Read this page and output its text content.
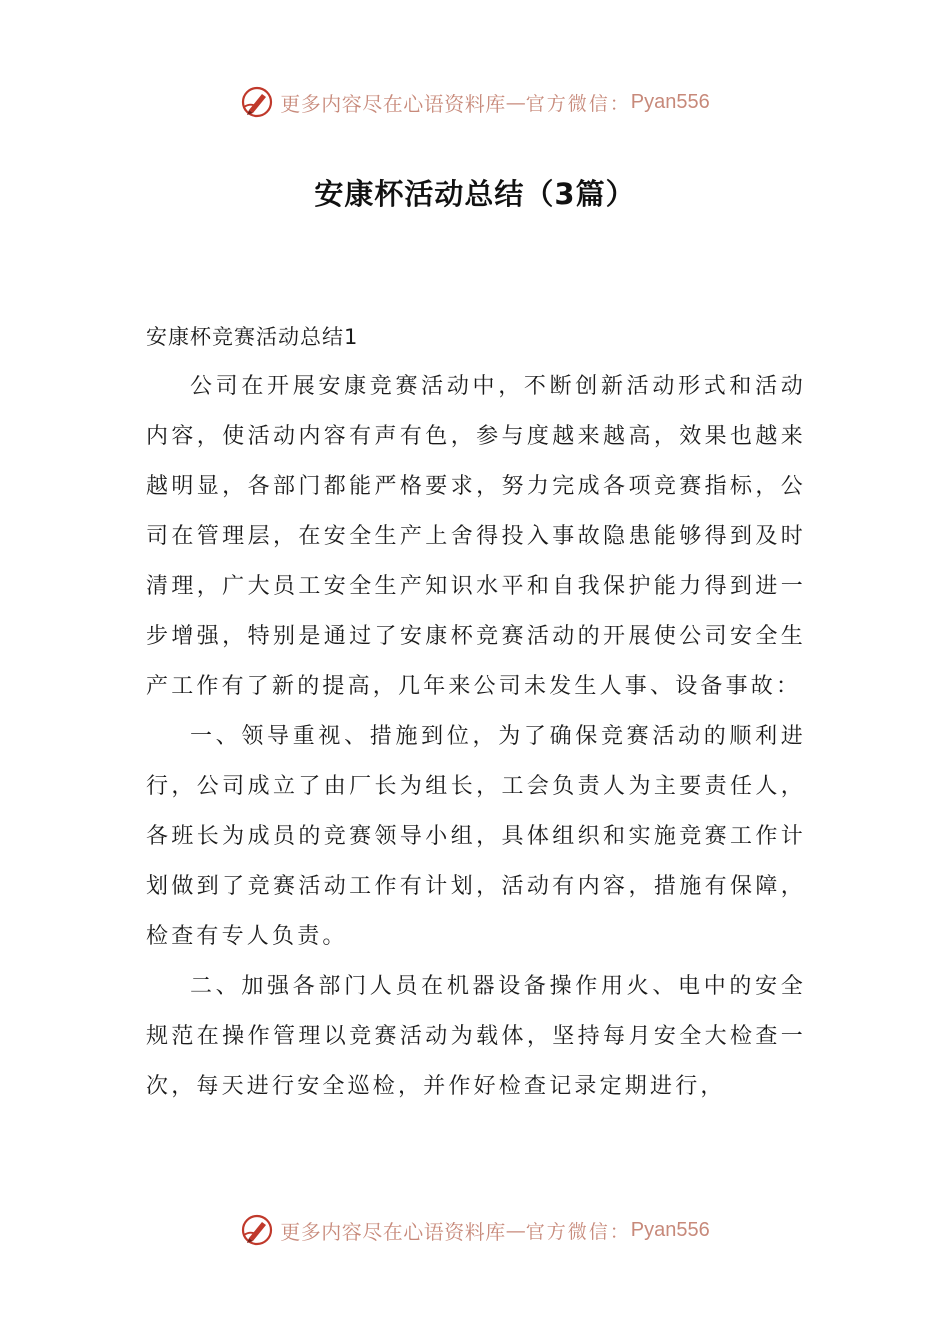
更多内容尽在心语资料库 — 官方微信： Pyan556
安康杯活动总结（3篇）

安康杯竞赛活动总结1

公司在开展安康竞赛活动中，不断创新活动形式和活动内容，使活动内容有声有色，参与度越来越高，效果也越来越明显，各部门都能严格要求，努力完成各项竞赛指标，公司在管理层，在安全生产上舍得投入事故隐患能够得到及时清理，广大员工安全生产知识水平和自我保护能力得到进一步增强，特别是通过了安康杯竞赛活动的开展使公司安全生产工作有了新的提高，几年来公司未发生人事、设备事故：

一、领导重视、措施到位，为了确保竞赛活动的顺利进行，公司成立了由厂长为组长，工会负责人为主要责任人，各班长为成员的竞赛领导小组，具体组织和实施竞赛工作计划做到了竞赛活动工作有计划，活动有内容，措施有保障，检查有专人负责。

二、加强各部门人员在机器设备操作用火、电中的安全规范在操作管理以竞赛活动为载体，坚持每月安全大检查一次，每天进行安全巡检，并作好检查记录定期进行，

更多内容尽在心语资料库 — 官方微信： Pyan556
